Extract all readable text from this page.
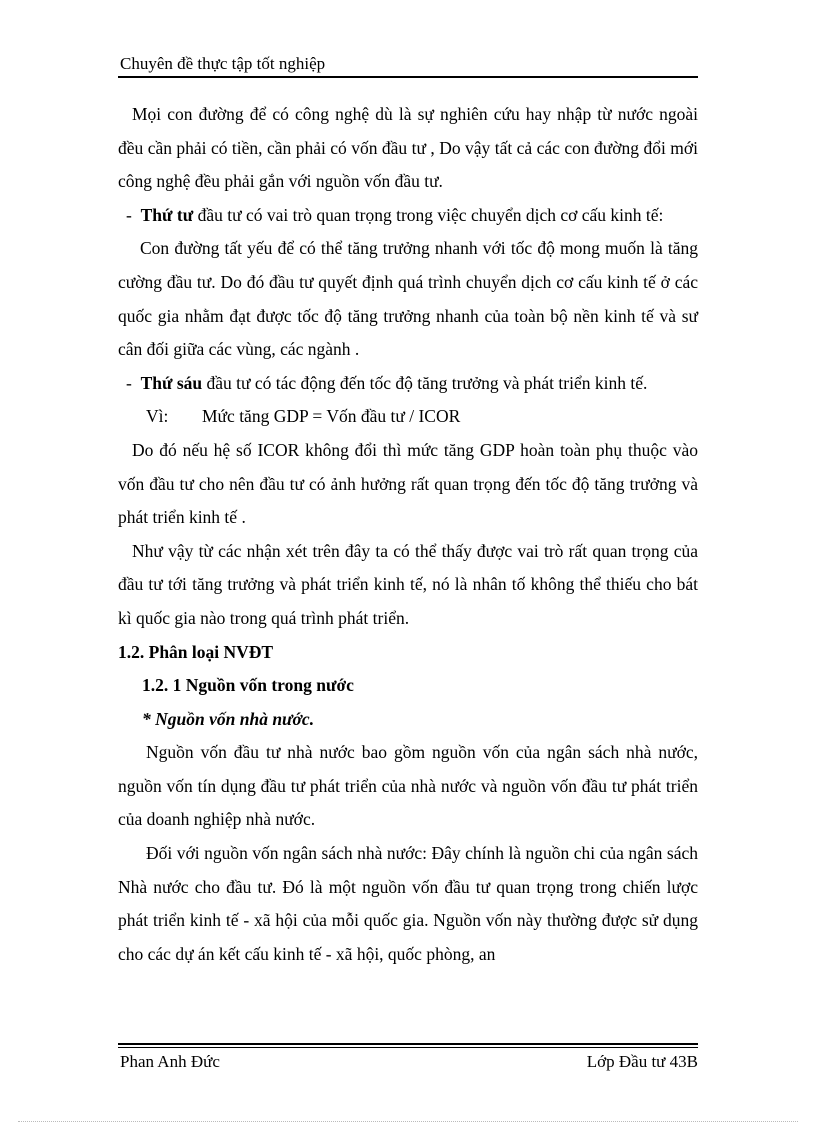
Chuyên đề thực tập tốt nghiệp

Mọi con đường để có công nghệ dù là sự nghiên cứu hay nhập từ nước ngoài đều cần phải có tiền, cần phải có vốn đầu tư , Do vậy tất cả các con đường đổi mới công nghệ đều phải gắn với nguồn vốn đầu tư.

- Thứ tư đầu tư có vai trò quan trọng trong việc chuyển dịch cơ cấu kinh tế:

Con đường tất yếu để có thể tăng trưởng nhanh với tốc độ mong muốn là tăng cường đầu tư. Do đó đầu tư quyết định quá trình chuyển dịch cơ cấu kinh tế ở các quốc gia nhằm đạt được tốc độ tăng trưởng nhanh của toàn bộ nền kinh tế và sư cân đối giữa các vùng, các ngành .

- Thứ sáu đầu tư có tác động đến tốc độ tăng trưởng và phát triển kinh tế.

Vì: Mức tăng GDP = Vốn đầu tư / ICOR

Do đó nếu hệ số ICOR không đổi thì mức tăng GDP hoàn toàn phụ thuộc vào vốn đầu tư cho nên đầu tư có ảnh hưởng rất quan trọng đến tốc độ tăng trưởng và phát triển kinh tế .

Như vậy từ các nhận xét trên đây ta có thể thấy được vai trò rất quan trọng của đầu tư tới tăng trưởng và phát triển kinh tế, nó là nhân tố không thể thiếu cho bát kì quốc gia nào trong quá trình phát triển.

1.2. Phân loại NVĐT

1.2. 1 Nguồn vốn trong nước

* Nguồn vốn nhà nước.

Nguồn vốn đầu tư nhà nước bao gồm nguồn vốn của ngân sách nhà nước, nguồn vốn tín dụng đầu tư phát triển của nhà nước và nguồn vốn đầu tư phát triển của doanh nghiệp nhà nước.

Đối với nguồn vốn ngân sách nhà nước: Đây chính là nguồn chi của ngân sách Nhà nước cho đầu tư. Đó là một nguồn vốn đầu tư quan trọng trong chiến lược phát triển kinh tế - xã hội của mỗi quốc gia. Nguồn vốn này thường được sử dụng cho các dự án kết cấu kinh tế - xã hội, quốc phòng, an

Phan Anh Đức	Lớp Đầu tư 43B
